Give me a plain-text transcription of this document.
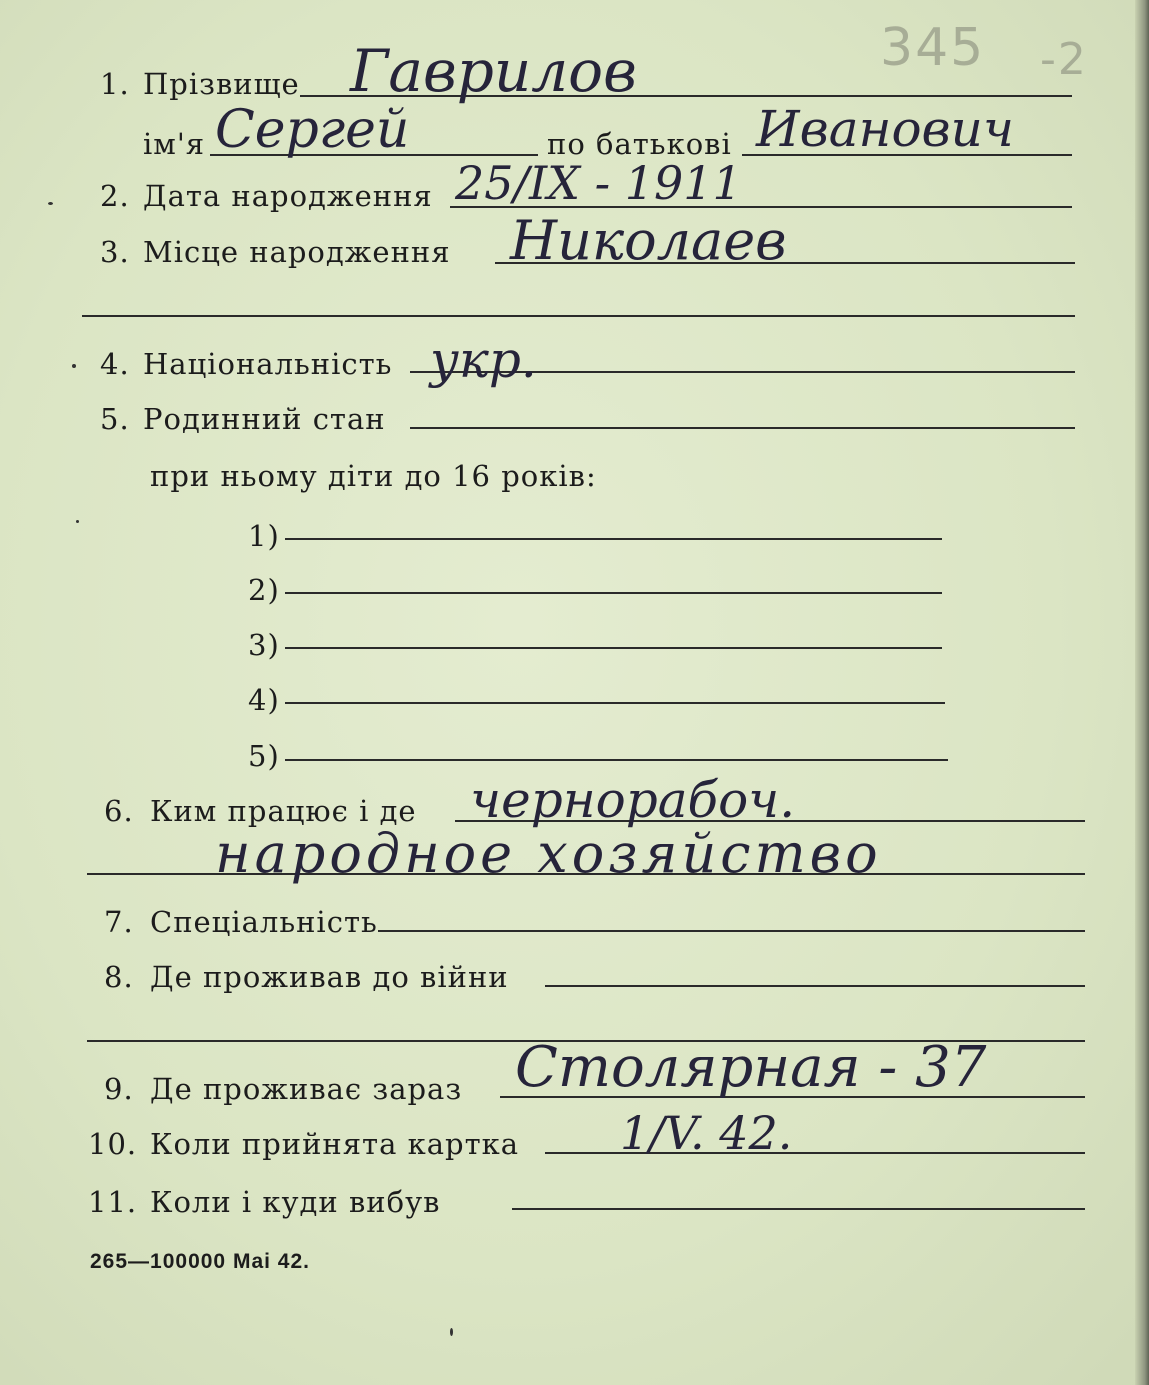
345 -2
1. Прізвище Гаврилов
ім'я Сергей	по батькові Иванович
2. Дата народження 25/IX - 1911
3. Місце народження Николаев
4. Національність укр.
5. Родинний стан
при ньому діти до 16 років:
1)
2)
3)
4)
5)
6. Ким працює і де чернорабоч.
народное хозяйство
7. Спеціальність
8. Де проживав до війни
9. Де проживає зараз Столярная - 37
10. Коли прийнята картка 1/V. 42.
11. Коли і куди вибув
265—100000 Mai 42.
